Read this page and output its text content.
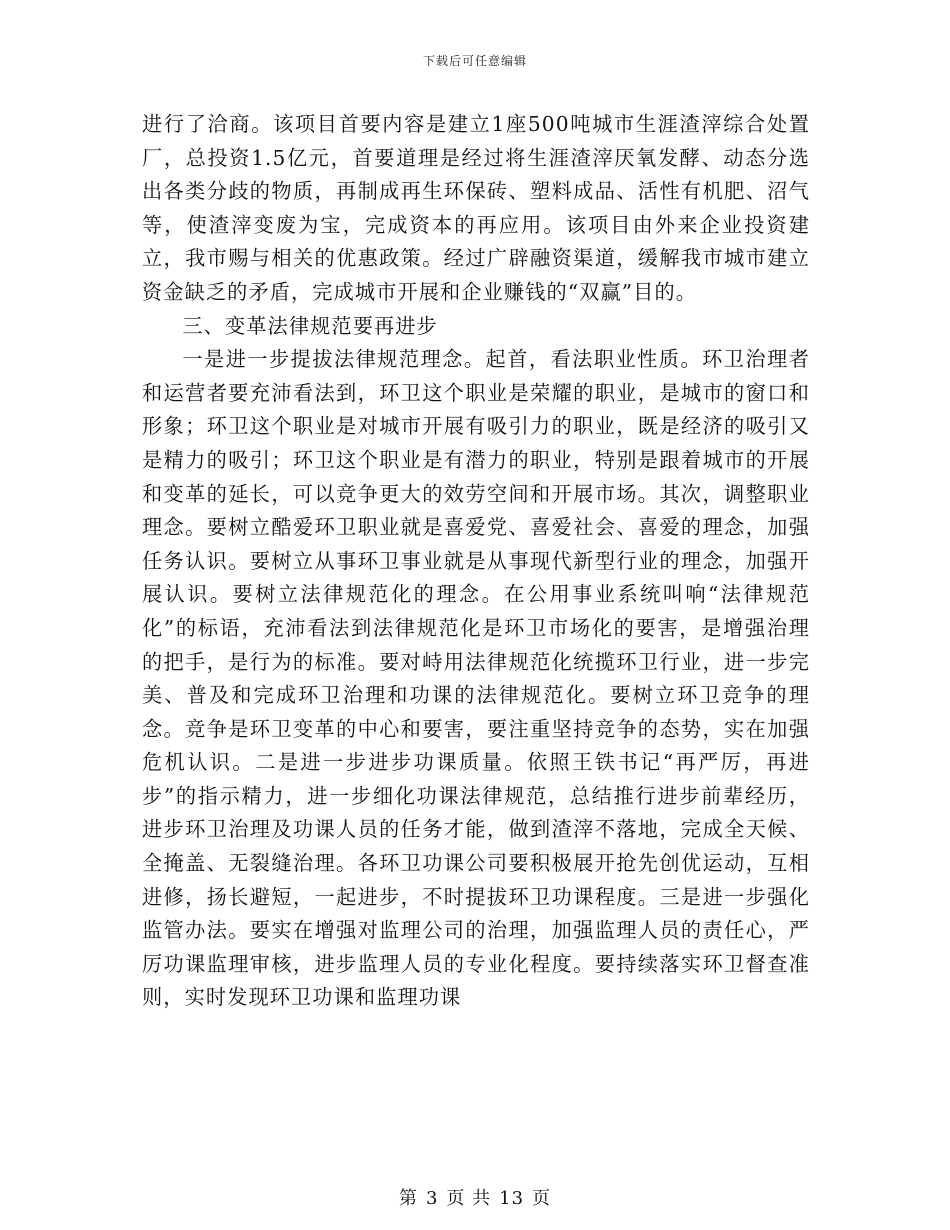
下载后可任意编辑

进行了洽商。该项目首要内容是建立1座500吨城市生涯渣滓综合处置厂，总投资1.5亿元，首要道理是经过将生涯渣滓厌氧发酵、动态分选出各类分歧的物质，再制成再生环保砖、塑料成品、活性有机肥、沼气等，使渣滓变废为宝，完成资本的再应用。该项目由外来企业投资建立，我市赐与相关的优惠政策。经过广辟融资渠道，缓解我市城市建立资金缺乏的矛盾，完成城市开展和企业赚钱的“双赢”目的。

三、变革法律规范要再进步

一是进一步提拔法律规范理念。起首，看法职业性质。环卫治理者和运营者要充沛看法到，环卫这个职业是荣耀的职业，是城市的窗口和形象；环卫这个职业是对城市开展有吸引力的职业，既是经济的吸引又是精力的吸引；环卫这个职业是有潜力的职业，特别是跟着城市的开展和变革的延长，可以竞争更大的效劳空间和开展市场。其次，调整职业理念。要树立酷爱环卫职业就是喜爱党、喜爱社会、喜爱的理念，加强任务认识。要树立从事环卫事业就是从事现代新型行业的理念，加强开展认识。要树立法律规范化的理念。在公用事业系统叫响“法律规范化”的标语，充沛看法到法律规范化是环卫市场化的要害，是增强治理的把手，是行为的标准。要对峙用法律规范化统揽环卫行业，进一步完美、普及和完成环卫治理和功课的法律规范化。要树立环卫竞争的理念。竞争是环卫变革的中心和要害，要注重坚持竞争的态势，实在加强危机认识。二是进一步进步功课质量。依照王铁书记“再严厉，再进步”的指示精力，进一步细化功课法律规范，总结推行进步前辈经历，进步环卫治理及功课人员的任务才能，做到渣滓不落地，完成全天候、全掩盖、无裂缝治理。各环卫功课公司要积极展开抢先创优运动，互相进修，扬长避短，一起进步，不时提拔环卫功课程度。三是进一步强化监管办法。要实在增强对监理公司的治理，加强监理人员的责任心，严厉功课监理审核，进步监理人员的专业化程度。要持续落实环卫督查准则，实时发现环卫功课和监理功课

第 3 页 共 13 页
